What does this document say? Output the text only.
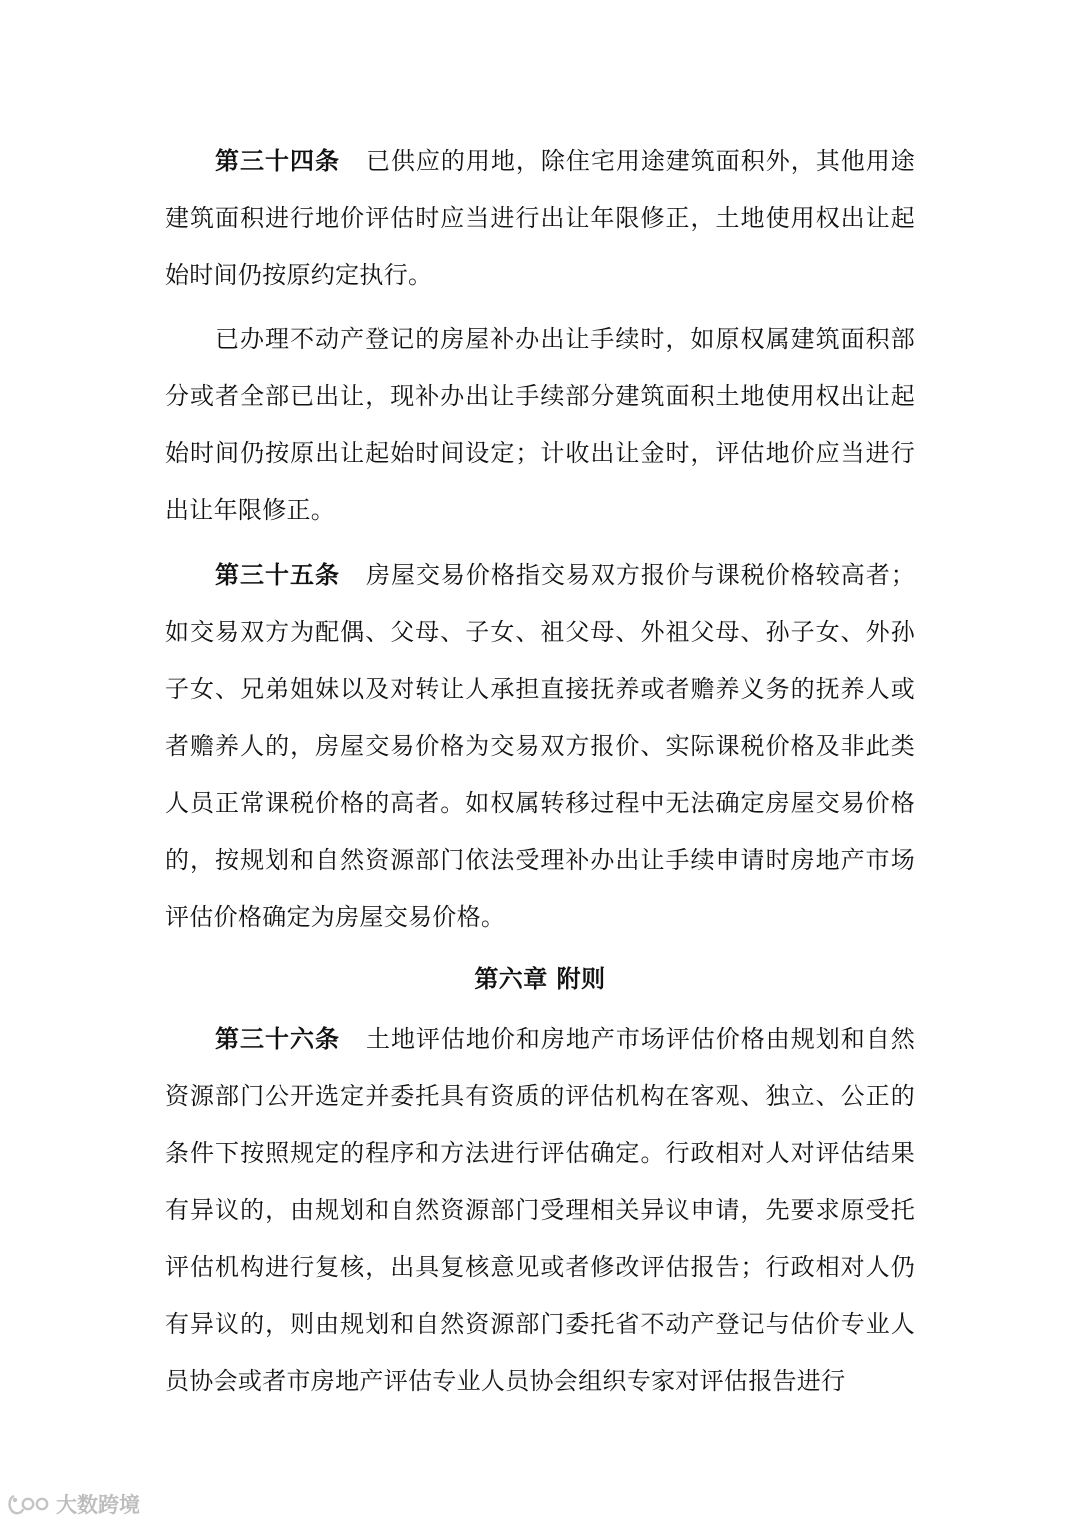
第三十四条 已供应的用地，除住宅用途建筑面积外，其他用途建筑面积进行地价评估时应当进行出让年限修正，土地使用权出让起始时间仍按原约定执行。

已办理不动产登记的房屋补办出让手续时，如原权属建筑面积部分或者全部已出让，现补办出让手续部分建筑面积土地使用权出让起始时间仍按原出让起始时间设定；计收出让金时，评估地价应当进行出让年限修正。

第三十五条 房屋交易价格指交易双方报价与课税价格较高者；如交易双方为配偶、父母、子女、祖父母、外祖父母、孙子女、外孙子女、兄弟姐妹以及对转让人承担直接抚养或者赡养义务的抚养人或者赡养人的，房屋交易价格为交易双方报价、实际课税价格及非此类人员正常课税价格的高者。如权属转移过程中无法确定房屋交易价格的，按规划和自然资源部门依法受理补办出让手续申请时房地产市场评估价格确定为房屋交易价格。

第六章 附则

第三十六条 土地评估地价和房地产市场评估价格由规划和自然资源部门公开选定并委托具有资质的评估机构在客观、独立、公正的条件下按照规定的程序和方法进行评估确定。行政相对人对评估结果有异议的，由规划和自然资源部门受理相关异议申请，先要求原受托评估机构进行复核，出具复核意见或者修改评估报告；行政相对人仍有异议的，则由规划和自然资源部门委托省不动产登记与估价专业人员协会或者市房地产评估专业人员协会组织专家对评估报告进行

大数跨境
